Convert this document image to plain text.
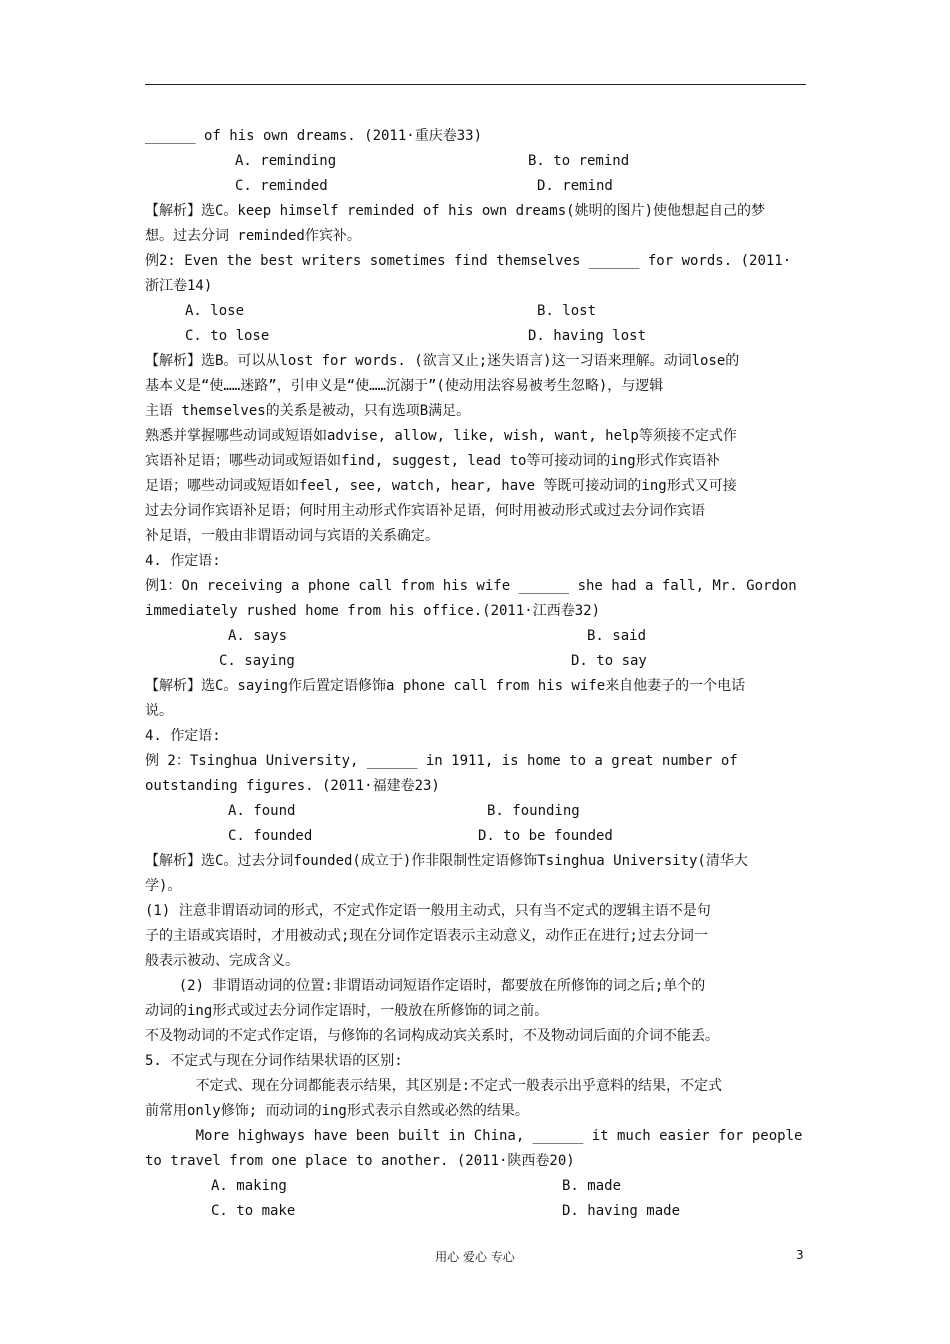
______ of his own dreams. (2011·重庆卷33)
A. reminding	B. to remind
C. reminded	D. remind
【解析】选C。keep himself reminded of his own dreams(姚明的图片)使他想起自己的梦
想。过去分词 reminded作宾补。
例2: Even the best writers sometimes find themselves ______ for words. (2011·
浙江卷14)
A. lose	B. lost
C. to lose	D. having lost
【解析】选B。可以从lost for words. (欲言又止;迷失语言)这一习语来理解。动词lose的
基本义是“使……迷路”，引申义是“使……沉溺于”(使动用法容易被考生忽略)，与逻辑
主语 themselves的关系是被动，只有选项B满足。
熟悉并掌握哪些动词或短语如advise, allow, like, wish, want, help等须接不定式作
宾语补足语；哪些动词或短语如find, suggest, lead to等可接动词的ing形式作宾语补
足语；哪些动词或短语如feel, see, watch, hear, have 等既可接动词的ing形式又可接
过去分词作宾语补足语；何时用主动形式作宾语补足语，何时用被动形式或过去分词作宾语
补足语，一般由非谓语动词与宾语的关系确定。
4. 作定语:
例1：On receiving a phone call from his wife ______ she had a fall, Mr. Gordon
immediately rushed home from his office.(2011·江西卷32)
A. says	B. said
C. saying	D. to say
【解析】选C。saying作后置定语修饰a phone call from his wife来自他妻子的一个电话
说。
4. 作定语:
例 2：Tsinghua University, ______ in 1911, is home to a great number of
outstanding figures. (2011·福建卷23)
A. found	B. founding
C. founded	D. to be founded
【解析】选C。过去分词founded(成立于)作非限制性定语修饰Tsinghua University(清华大
学)。
(1) 注意非谓语动词的形式，不定式作定语一般用主动式，只有当不定式的逻辑主语不是句
子的主语或宾语时，才用被动式;现在分词作定语表示主动意义，动作正在进行;过去分词一
般表示被动、完成含义。
(2) 非谓语动词的位置:非谓语动词短语作定语时，都要放在所修饰的词之后;单个的
动词的ing形式或过去分词作定语时，一般放在所修饰的词之前。
不及物动词的不定式作定语，与修饰的名词构成动宾关系时，不及物动词后面的介词不能丢。
5. 不定式与现在分词作结果状语的区别:
不定式、现在分词都能表示结果，其区别是:不定式一般表示出乎意料的结果，不定式
前常用only修饰; 而动词的ing形式表示自然或必然的结果。
More highways have been built in China, ______ it much easier for people
to travel from one place to another. (2011·陕西卷20)
A. making	B. made
C. to make	D. having made
用心 爱心 专心	3
